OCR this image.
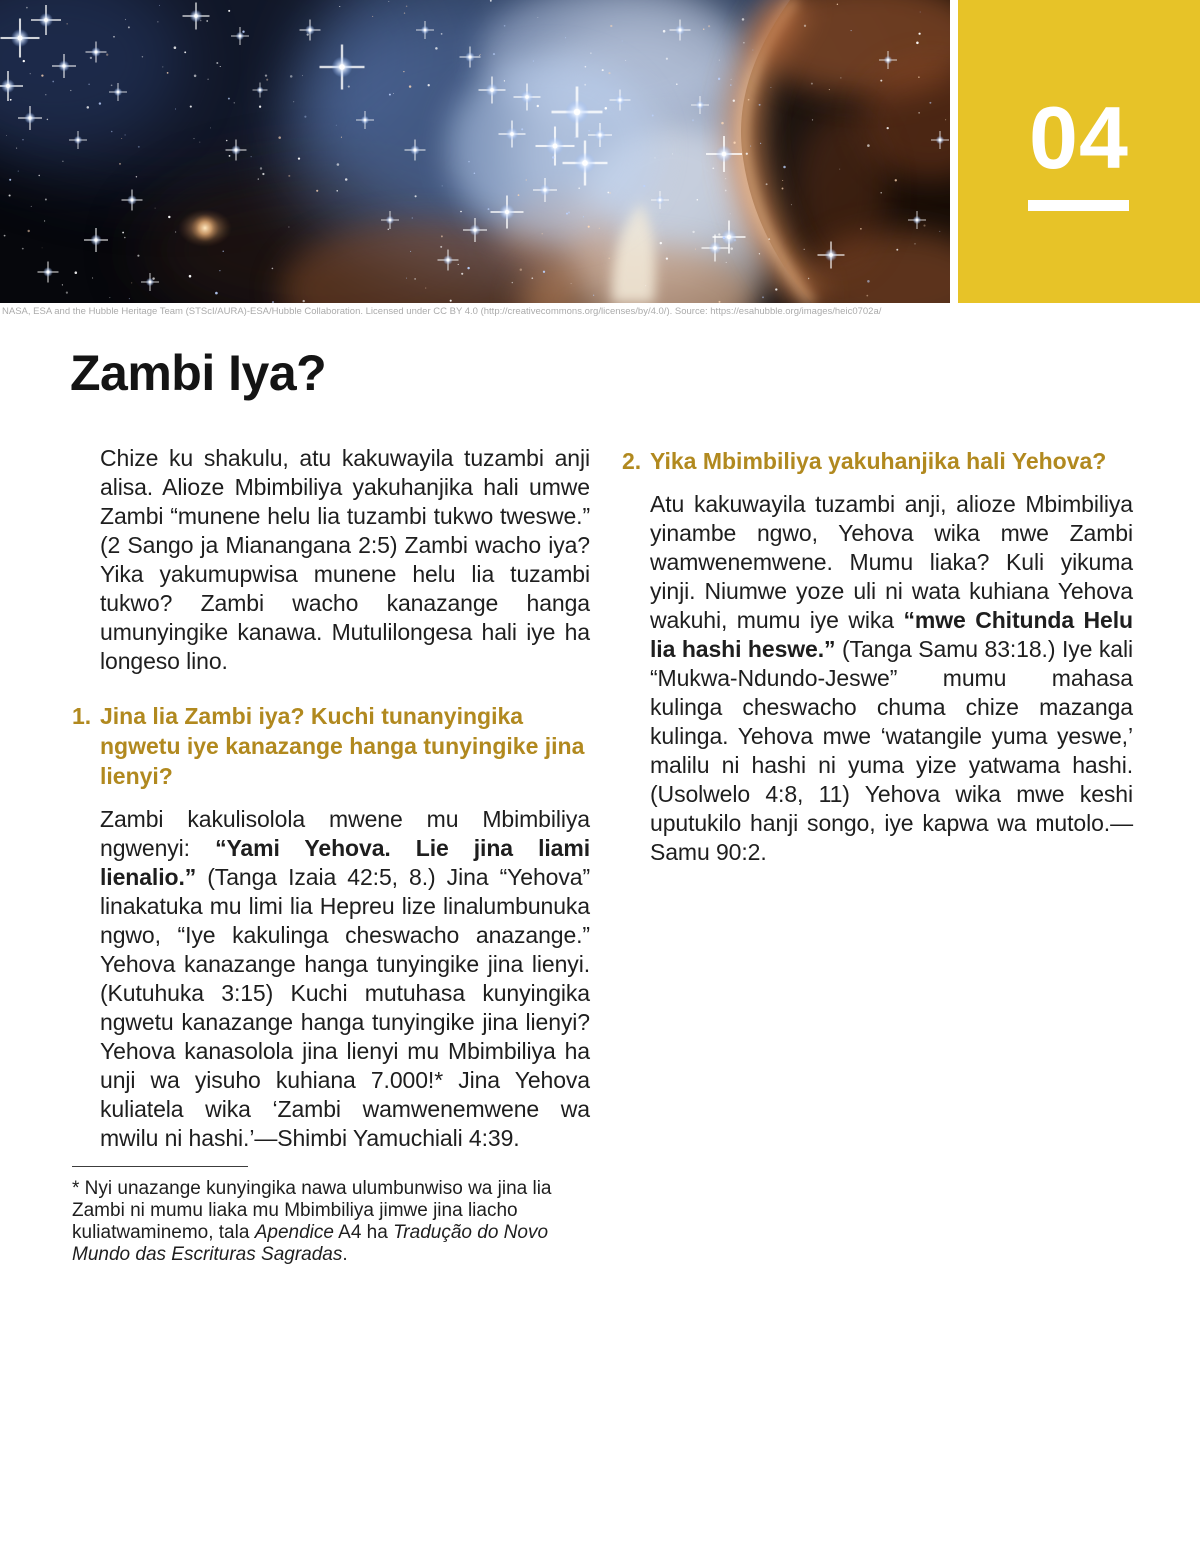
04
NASA, ESA and the Hubble Heritage Team (STScI/AURA)-ESA/Hubble Collaboration. Licensed under CC BY 4.0 (http://creativecommons.org/licenses/by/4.0/). Source: https://esahubble.org/images/heic0702a/
Zambi Iya?

Chize ku shakulu, atu kakuwayila tuzambi anji alisa. Alioze Mbimbiliya yakuhanjika hali umwe Zambi “munene helu lia tuzambi tukwo tweswe.” (2 Sango ja Mianangana 2:5) Zambi wacho iya? Yika yakumupwisa munene helu lia tuzambi tukwo? Zambi wacho kanazange hanga umunyingike kanawa. Mutulilongesa hali iye ha longeso lino.

1. Jina lia Zambi iya? Kuchi tunanyingika ngwetu iye kanazange hanga tunyingike jina lienyi?

Zambi kakulisolola mwene mu Mbimbiliya ngwenyi: “Yami Yehova. Lie jina liami lienalio.” (Tanga Izaia 42:5, 8.) Jina “Yehova” linakatuka mu limi lia Hepreu lize linalumbunuka ngwo, “Iye kakulinga cheswacho anazange.” Yehova kanazange hanga tunyingike jina lienyi. (Kutuhuka 3:15) Kuchi mutuhasa kunyingika ngwetu kanazange hanga tunyingike jina lienyi? Yehova kanasolola jina lienyi mu Mbimbiliya ha unji wa yisuho kuhiana 7.000!* Jina Yehova kuliatela wika ‘Zambi wamwenemwene wa mwilu ni hashi.’—Shimbi Yamuchiali 4:39.

* Nyi unazange kunyingika nawa ulumbunwiso wa jina lia Zambi ni mumu liaka mu Mbimbiliya jimwe jina liacho kuliatwaminemo, tala Apendice A4 ha Tradução do Novo Mundo das Escrituras Sagradas.

2. Yika Mbimbiliya yakuhanjika hali Yehova?

Atu kakuwayila tuzambi anji, alioze Mbimbiliya yinambe ngwo, Yehova wika mwe Zambi wamwenemwene. Mumu liaka? Kuli yikuma yinji. Niumwe yoze uli ni wata kuhiana Yehova wakuhi, mumu iye wika “mwe Chitunda Helu lia hashi heswe.” (Tanga Samu 83:18.) Iye kali “Mukwa-Ndundo-Jeswe” mumu mahasa kulinga cheswacho chuma chize mazanga kulinga. Yehova mwe ‘watangile yuma yeswe,’ malilu ni hashi ni yuma yize yatwama hashi. (Usolwelo 4:8, 11) Yehova wika mwe keshi uputukilo hanji songo, iye kapwa wa mutolo.—Samu 90:2.
